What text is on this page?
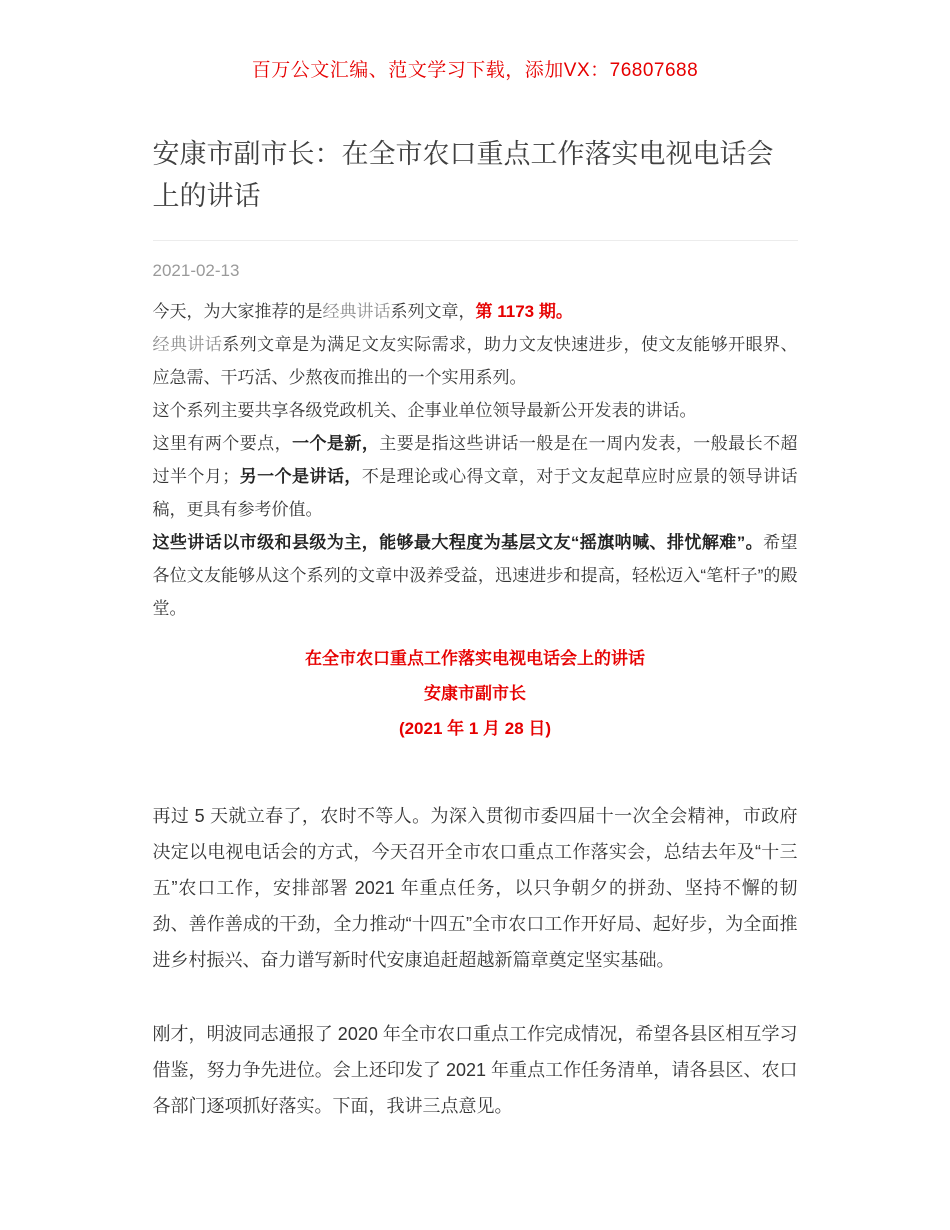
百万公文汇编、范文学习下载，添加VX：76807688
安康市副市长：在全市农口重点工作落实电视电话会上的讲话
2021-02-13

今天，为大家推荐的是经典讲话系列文章，第 1173 期。

经典讲话系列文章是为满足文友实际需求，助力文友快速进步，使文友能够开眼界、应急需、干巧活、少熬夜而推出的一个实用系列。

这个系列主要共享各级党政机关、企事业单位领导最新公开发表的讲话。

这里有两个要点，一个是新，主要是指这些讲话一般是在一周内发表，一般最长不超过半个月；另一个是讲话，不是理论或心得文章，对于文友起草应时应景的领导讲话稿，更具有参考价值。

这些讲话以市级和县级为主，能够最大程度为基层文友“摇旗呐喊、排忧解难”。希望各位文友能够从这个系列的文章中汲养受益，迅速进步和提高，轻松迈入“笔杆子”的殿堂。

在全市农口重点工作落实电视电话会上的讲话

安康市副市长

(2021 年 1 月 28 日)

再过 5 天就立春了，农时不等人。为深入贯彻市委四届十一次全会精神，市政府决定以电视电话会的方式，今天召开全市农口重点工作落实会，总结去年及“十三五”农口工作，安排部署 2021 年重点任务，以只争朝夕的拼劲、坚持不懈的韧劲、善作善成的干劲，全力推动“十四五”全市农口工作开好局、起好步，为全面推进乡村振兴、奋力谱写新时代安康追赶超越新篇章奠定坚实基础。

刚才，明波同志通报了 2020 年全市农口重点工作完成情况，希望各县区相互学习借鉴，努力争先进位。会上还印发了 2021 年重点工作任务清单，请各县区、农口各部门逐项抓好落实。下面，我讲三点意见。
